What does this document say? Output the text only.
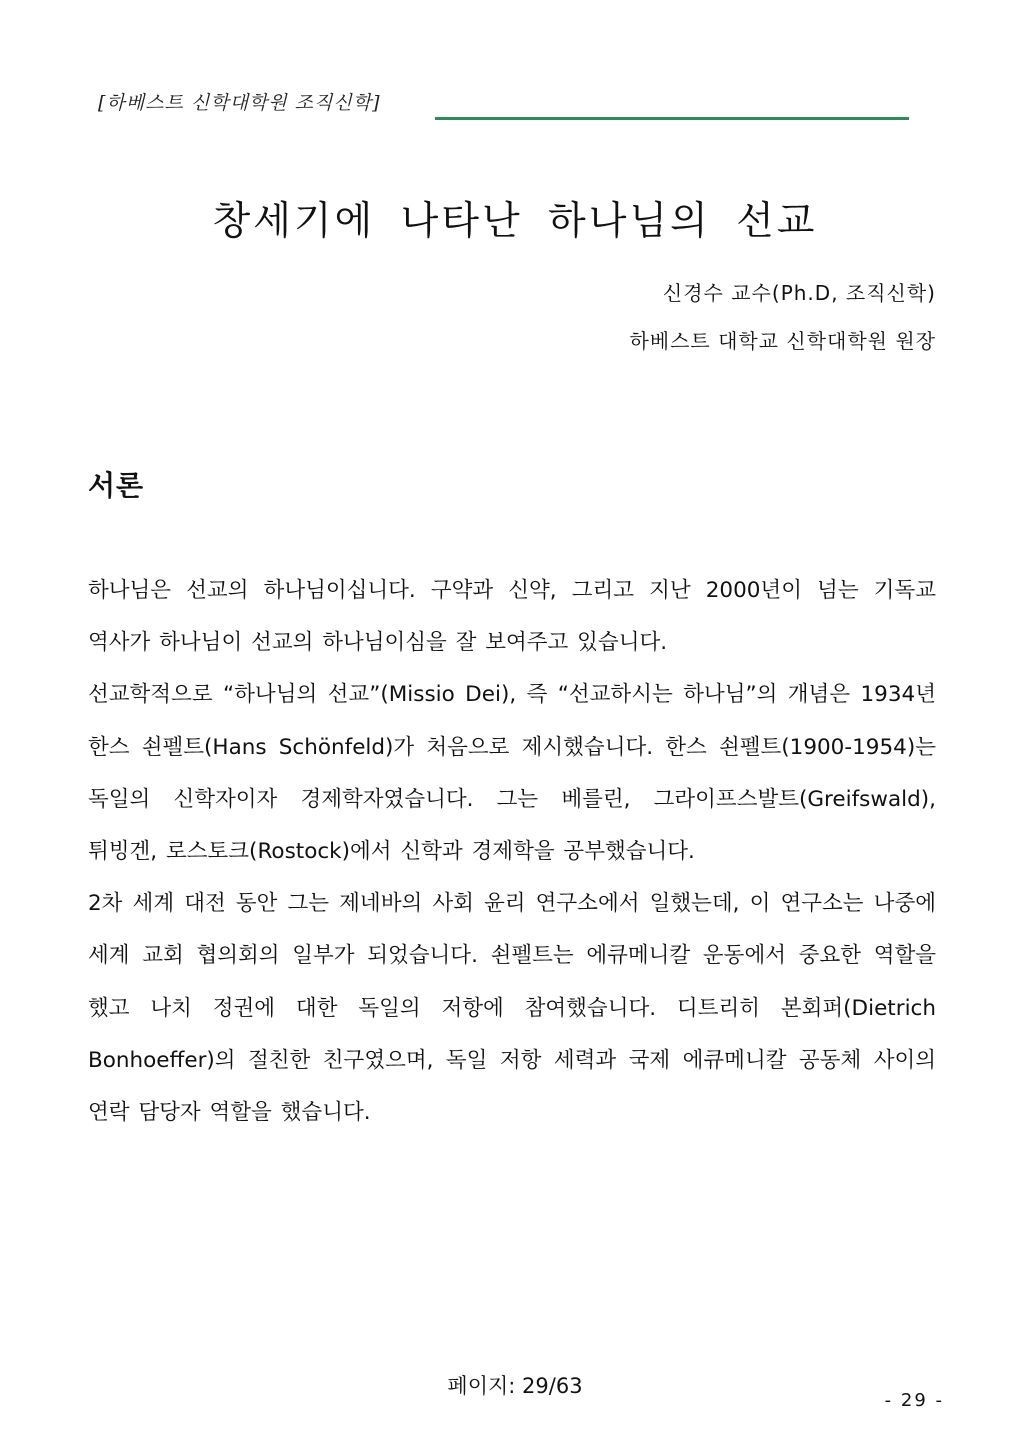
[하베스트 신학대학원 조직신학]
창세기에 나타난 하나님의 선교
신경수 교수(Ph.D, 조직신학)
하베스트 대학교 신학대학원 원장
서론

하나님은 선교의 하나님이십니다. 구약과 신약, 그리고 지난 2000년이 넘는 기독교 역사가 하나님이 선교의 하나님이심을 잘 보여주고 있습니다.

선교학적으로 “하나님의 선교”(Missio Dei), 즉 “선교하시는 하나님”의 개념은 1934년 한스 쇤펠트(Hans Schönfeld)가 처음으로 제시했습니다. 한스 쇤펠트(1900-1954)는 독일의 신학자이자 경제학자였습니다. 그는 베를린, 그라이프스발트(Greifswald), 튀빙겐, 로스토크(Rostock)에서 신학과 경제학을 공부했습니다.

2차 세계 대전 동안 그는 제네바의 사회 윤리 연구소에서 일했는데, 이 연구소는 나중에 세계 교회 협의회의 일부가 되었습니다. 쇤펠트는 에큐메니칼 운동에서 중요한 역할을 했고 나치 정권에 대한 독일의 저항에 참여했습니다. 디트리히 본회퍼(Dietrich Bonhoeffer)의 절친한 친구였으며, 독일 저항 세력과 국제 에큐메니칼 공동체 사이의 연락 담당자 역할을 했습니다.

페이지: 29/63
- 29 -
